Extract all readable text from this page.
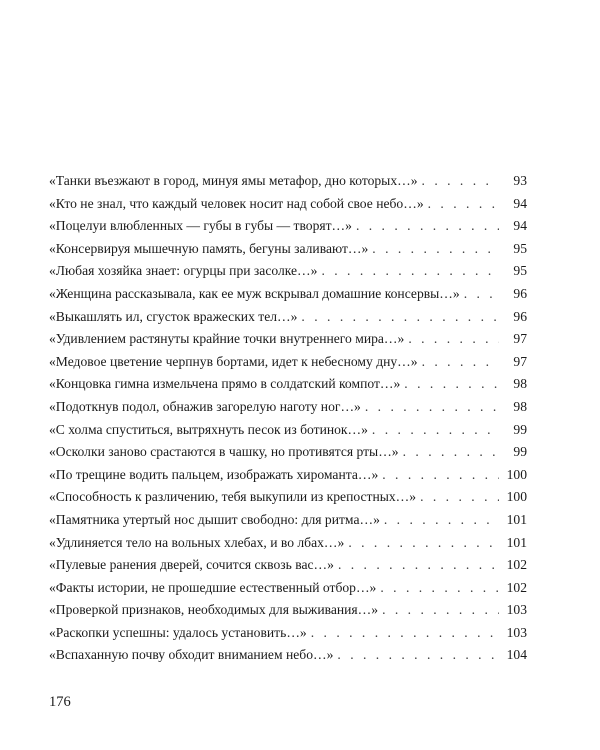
«Танки въезжают в город, минуя ямы метафор, дно которых…» . . .	93
«Кто не знал, что каждый человек носит над собой свое небо…» . . .	94
«Поцелуи влюбленных — губы в губы — творят…» . . .	94
«Консервируя мышечную память, бегуны заливают…» . . .	95
«Любая хозяйка знает: огурцы при засолке…» . . .	95
«Женщина рассказывала, как ее муж вскрывал домашние консервы…» . . .	96
«Выкашлять ил, сгусток вражеских тел…» . . .	96
«Удивлением растянуты крайние точки внутреннего мира…» . . .	97
«Медовое цветение черпнув бортами, идет к небесному дну…» . . .	97
«Концовка гимна измельчена прямо в солдатский компот…» . . .	98
«Подоткнув подол, обнажив загорелую наготу ног…» . . .	98
«С холма спуститься, вытряхнуть песок из ботинок…» . . .	99
«Осколки заново срастаются в чашку, но противятся рты…» . . .	99
«По трещине водить пальцем, изображать хироманта…» . . .	100
«Способность к различению, тебя выкупили из крепостных…» . . .	100
«Памятника утертый нос дышит свободно: для ритма…» . . .	101
«Удлиняется тело на вольных хлебах, и во лбах…» . . .	101
«Пулевые ранения дверей, сочится сквозь вас…» . . .	102
«Факты истории, не прошедшие естественный отбор…» . . .	102
«Проверкой признаков, необходимых для выживания…» . . .	103
«Раскопки успешны: удалось установить…» . . .	103
«Вспаханную почву обходит вниманием небо…» . . .	104
176
